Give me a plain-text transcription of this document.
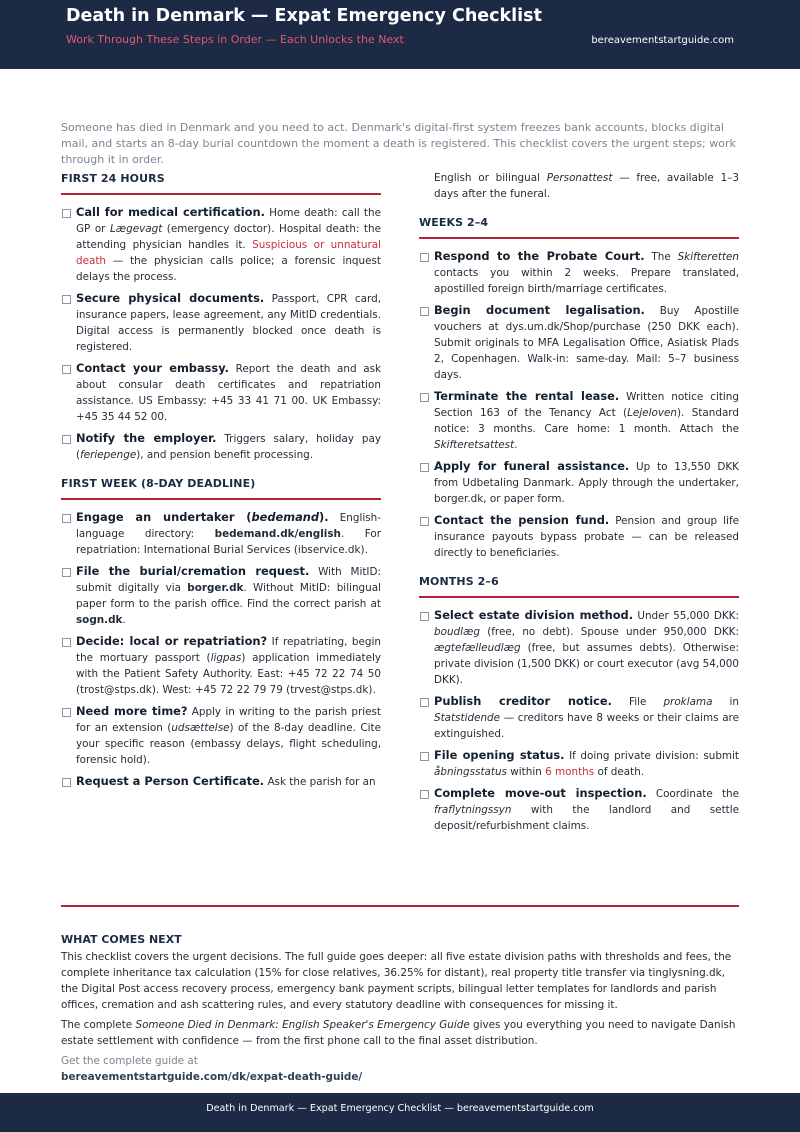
Death in Denmark — Expat Emergency Checklist
Work Through These Steps in Order — Each Unlocks the Next	bereavementstartguide.com
Someone has died in Denmark and you need to act. Denmark's digital-first system freezes bank accounts, blocks digital mail, and starts an 8-day burial countdown the moment a death is registered. This checklist covers the urgent steps; work through it in order.
FIRST 24 HOURS
Call for medical certification. Home death: call the GP or Lægevagt (emergency doctor). Hospital death: the attending physician handles it. Suspicious or unnatural death — the physician calls police; a forensic inquest delays the process.
Secure physical documents. Passport, CPR card, insurance papers, lease agreement, any MitID credentials. Digital access is permanently blocked once death is registered.
Contact your embassy. Report the death and ask about consular death certificates and repatriation assistance. US Embassy: +45 33 41 71 00. UK Embassy: +45 35 44 52 00.
Notify the employer. Triggers salary, holiday pay (feriepenge), and pension benefit processing.
FIRST WEEK (8-DAY DEADLINE)
Engage an undertaker (bedemand). English-language directory: bedemand.dk/english. For repatriation: International Burial Services (ibservice.dk).
File the burial/cremation request. With MitID: submit digitally via borger.dk. Without MitID: bilingual paper form to the parish office. Find the correct parish at sogn.dk.
Decide: local or repatriation? If repatriating, begin the mortuary passport (ligpas) application immediately with the Patient Safety Authority. East: +45 72 22 74 50 (trost@stps.dk). West: +45 72 22 79 79 (trvest@stps.dk).
Need more time? Apply in writing to the parish priest for an extension (udsættelse) of the 8-day deadline. Cite your specific reason (embassy delays, flight scheduling, forensic hold).
Request a Person Certificate. Ask the parish for an
English or bilingual Personattest — free, available 1–3 days after the funeral.
WEEKS 2–4
Respond to the Probate Court. The Skifteretten contacts you within 2 weeks. Prepare translated, apostilled foreign birth/marriage certificates.
Begin document legalisation. Buy Apostille vouchers at dys.um.dk/Shop/purchase (250 DKK each). Submit originals to MFA Legalisation Office, Asiatisk Plads 2, Copenhagen. Walk-in: same-day. Mail: 5–7 business days.
Terminate the rental lease. Written notice citing Section 163 of the Tenancy Act (Lejeloven). Standard notice: 3 months. Care home: 1 month. Attach the Skifteretsattest.
Apply for funeral assistance. Up to 13,550 DKK from Udbetaling Danmark. Apply through the undertaker, borger.dk, or paper form.
Contact the pension fund. Pension and group life insurance payouts bypass probate — can be released directly to beneficiaries.
MONTHS 2–6
Select estate division method. Under 55,000 DKK: boudlæg (free, no debt). Spouse under 950,000 DKK: ægtefælleudlæg (free, but assumes debts). Otherwise: private division (1,500 DKK) or court executor (avg 54,000 DKK).
Publish creditor notice. File proklama in Statstidende — creditors have 8 weeks or their claims are extinguished.
File opening status. If doing private division: submit åbningsstatus within 6 months of death.
Complete move-out inspection. Coordinate the fraflytningssyn with the landlord and settle deposit/refurbishment claims.
WHAT COMES NEXT

This checklist covers the urgent decisions. The full guide goes deeper: all five estate division paths with thresholds and fees, the complete inheritance tax calculation (15% for close relatives, 36.25% for distant), real property title transfer via tinglysning.dk, the Digital Post access recovery process, emergency bank payment scripts, bilingual letter templates for landlords and parish offices, cremation and ash scattering rules, and every statutory deadline with consequences for missing it.

The complete Someone Died in Denmark: English Speaker's Emergency Guide gives you everything you need to navigate Danish estate settlement with confidence — from the first phone call to the final asset distribution.

Get the complete guide at
bereavementstartguide.com/dk/expat-death-guide/
Death in Denmark — Expat Emergency Checklist — bereavementstartguide.com
